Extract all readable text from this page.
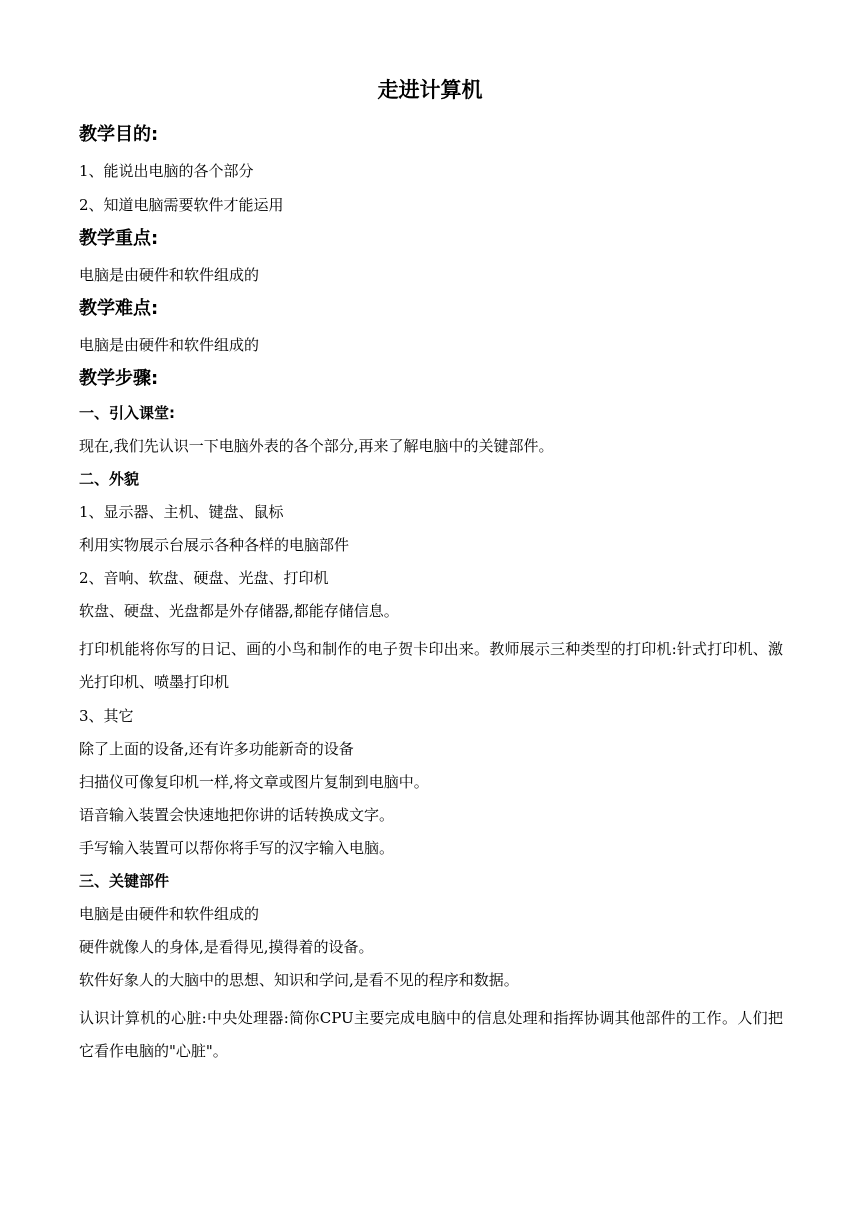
走进计算机
教学目的:
1、能说出电脑的各个部分
2、知道电脑需要软件才能运用
教学重点:
电脑是由硬件和软件组成的
教学难点:
电脑是由硬件和软件组成的
教学步骤:
一、引入课堂:
现在,我们先认识一下电脑外表的各个部分,再来了解电脑中的关键部件。
二、外貌
1、显示器、主机、键盘、鼠标
利用实物展示台展示各种各样的电脑部件
2、音响、软盘、硬盘、光盘、打印机
软盘、硬盘、光盘都是外存储器,都能存储信息。
打印机能将你写的日记、画的小鸟和制作的电子贺卡印出来。教师展示三种类型的打印机:针式打印机、激光打印机、喷墨打印机
3、其它
除了上面的设备,还有许多功能新奇的设备
扫描仪可像复印机一样,将文章或图片复制到电脑中。
语音输入装置会快速地把你讲的话转换成文字。
手写输入装置可以帮你将手写的汉字输入电脑。
三、关键部件
电脑是由硬件和软件组成的
硬件就像人的身体,是看得见,摸得着的设备。
软件好象人的大脑中的思想、知识和学问,是看不见的程序和数据。
认识计算机的心脏:中央处理器:简你CPU主要完成电脑中的信息处理和指挥协调其他部件的工作。人们把它看作电脑的"心脏"。
